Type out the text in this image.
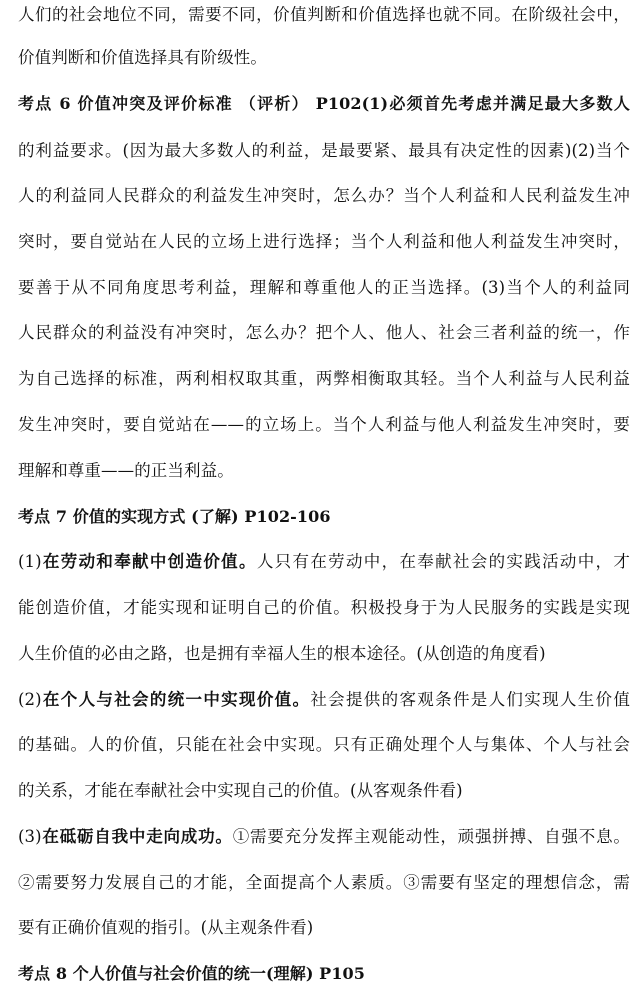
人们的社会地位不同，需要不同，价值判断和价值选择也就不同。在阶级社会中，
价值判断和价值选择具有阶级性。
考点 6 价值冲突及评价标准 （评析） P102(1)必须首先考虑并满足最大多数人
的利益要求。(因为最大多数人的利益，是最要紧、最具有决定性的因素)(2)当个
人的利益同人民群众的利益发生冲突时，怎么办？当个人利益和人民利益发生冲
突时，要自觉站在人民的立场上进行选择；当个人利益和他人利益发生冲突时，
要善于从不同角度思考利益，理解和尊重他人的正当选择。(3)当个人的利益同
人民群众的利益没有冲突时，怎么办？把个人、他人、社会三者利益的统一，作
为自己选择的标准，两利相权取其重，两弊相衡取其轻。当个人利益与人民利益
发生冲突时，要自觉站在——的立场上。当个人利益与他人利益发生冲突时，要
理解和尊重——的正当利益。
考点 7 价值的实现方式 (了解) P102-106
(1)在劳动和奉献中创造价值。人只有在劳动中，在奉献社会的实践活动中，才
能创造价值，才能实现和证明自己的价值。积极投身于为人民服务的实践是实现
人生价值的必由之路，也是拥有幸福人生的根本途径。(从创造的角度看)
(2)在个人与社会的统一中实现价值。社会提供的客观条件是人们实现人生价值
的基础。人的价值，只能在社会中实现。只有正确处理个人与集体、个人与社会
的关系，才能在奉献社会中实现自己的价值。(从客观条件看)
(3)在砥砺自我中走向成功。①需要充分发挥主观能动性，顽强拼搏、自强不息。
②需要努力发展自己的才能，全面提高个人素质。③需要有坚定的理想信念，需
要有正确价值观的指引。(从主观条件看)
考点 8 个人价值与社会价值的统一(理解) P105
